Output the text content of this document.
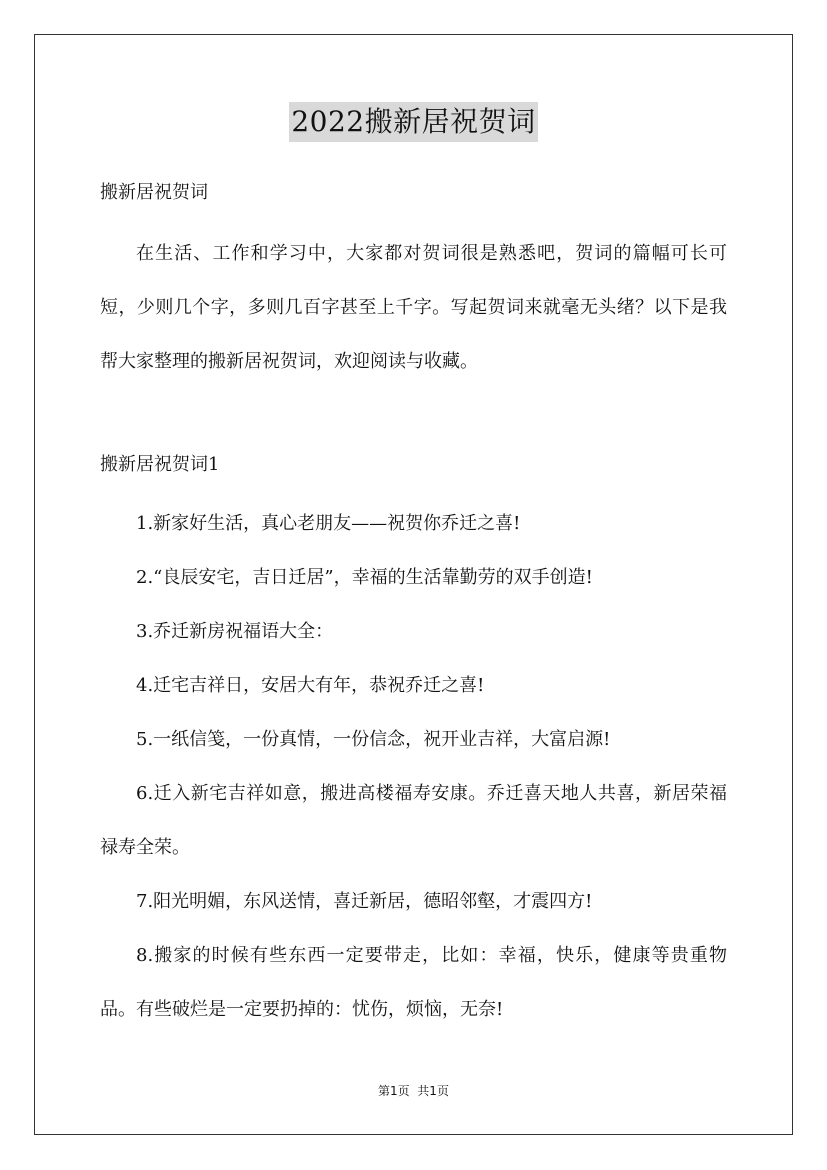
2022搬新居祝贺词

搬新居祝贺词

在生活、工作和学习中，大家都对贺词很是熟悉吧，贺词的篇幅可长可短，少则几个字，多则几百字甚至上千字。写起贺词来就毫无头绪？以下是我帮大家整理的搬新居祝贺词，欢迎阅读与收藏。

搬新居祝贺词1

1.新家好生活，真心老朋友——祝贺你乔迁之喜!

2.“良辰安宅，吉日迁居”，幸福的生活靠勤劳的双手创造!

3.乔迁新房祝福语大全：

4.迁宅吉祥日，安居大有年，恭祝乔迁之喜!

5.一纸信笺，一份真情，一份信念，祝开业吉祥，大富启源!

6.迁入新宅吉祥如意，搬进高楼福寿安康。乔迁喜天地人共喜，新居荣福禄寿全荣。

7.阳光明媚，东风送情，喜迁新居，德昭邻壑，才震四方!

8.搬家的时候有些东西一定要带走，比如：幸福，快乐，健康等贵重物品。有些破烂是一定要扔掉的：忧伤，烦恼，无奈!

第1页  共1页
